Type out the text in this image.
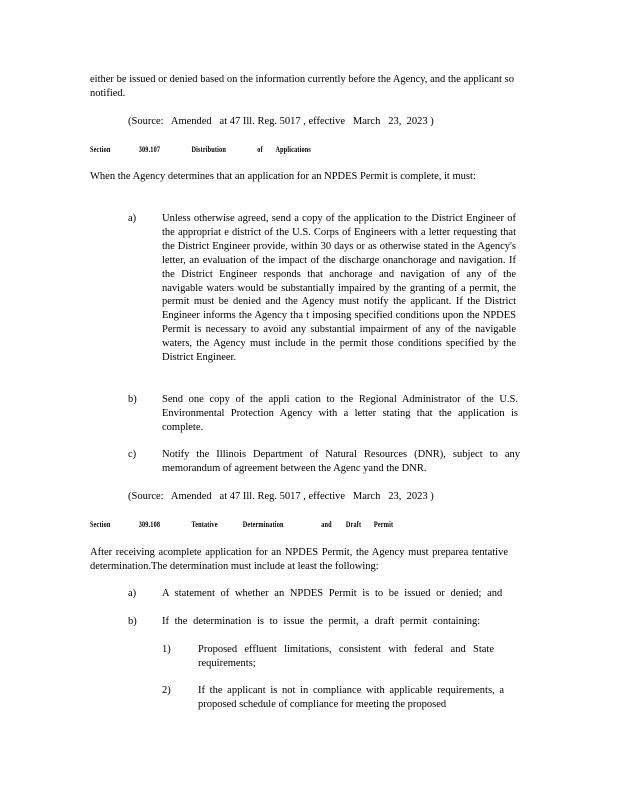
either be issued or denied based on the information currently before the Agency, and the applicant so notified.
(Source:   Amended   at 47 Ill. Reg. 5017 , effective   March   23,  2023 )
Section	309.107	Distribution	of Applications
When the Agency determines that an application for an NPDES Permit is complete, it must:
a) Unless otherwise agreed, send a copy of the application to the District Engineer of the appropriat e district of the U.S. Corps of Engineers with a letter requesting that the District Engineer provide, within 30 days or as otherwise stated in the Agency's letter, an evaluation of the impact of the discharge onanchorage and navigation. If the District Engineer responds that anchorage and navigation of any of the navigable waters would be substantially impaired by the granting of a permit, the permit must be denied and the Agency must notify the applicant. If the District Engineer informs the Agency tha t imposing specified conditions upon the NPDES Permit is necessary to avoid any substantial impairment of any of the navigable waters, the Agency must include in the permit those conditions specified by the District Engineer.
b) Send one copy of the appli cation to the Regional Administrator of the U.S. Environmental Protection Agency with a letter stating that the application is complete.
c) Notify the Illinois Department of Natural Resources (DNR), subject to any memorandum of agreement between the Agenc yand the DNR.
(Source:   Amended   at 47 Ill. Reg. 5017 , effective   March   23,  2023 )
Section	309.108	Tentative	Determination	and Draft Permit
After receiving acomplete application for an NPDES Permit, the Agency must preparea tentative determination.The determination must include at least the following:
a) A statement of whether an NPDES Permit is to be issued or denied; and
b) If the determination is to issue the permit, a draft permit containing:
1)	Proposed effluent limitations, consistent with federal and State requirements;
2)	If the applicant is not in compliance with applicable requirements, a proposed schedule of compliance for meeting the proposed
